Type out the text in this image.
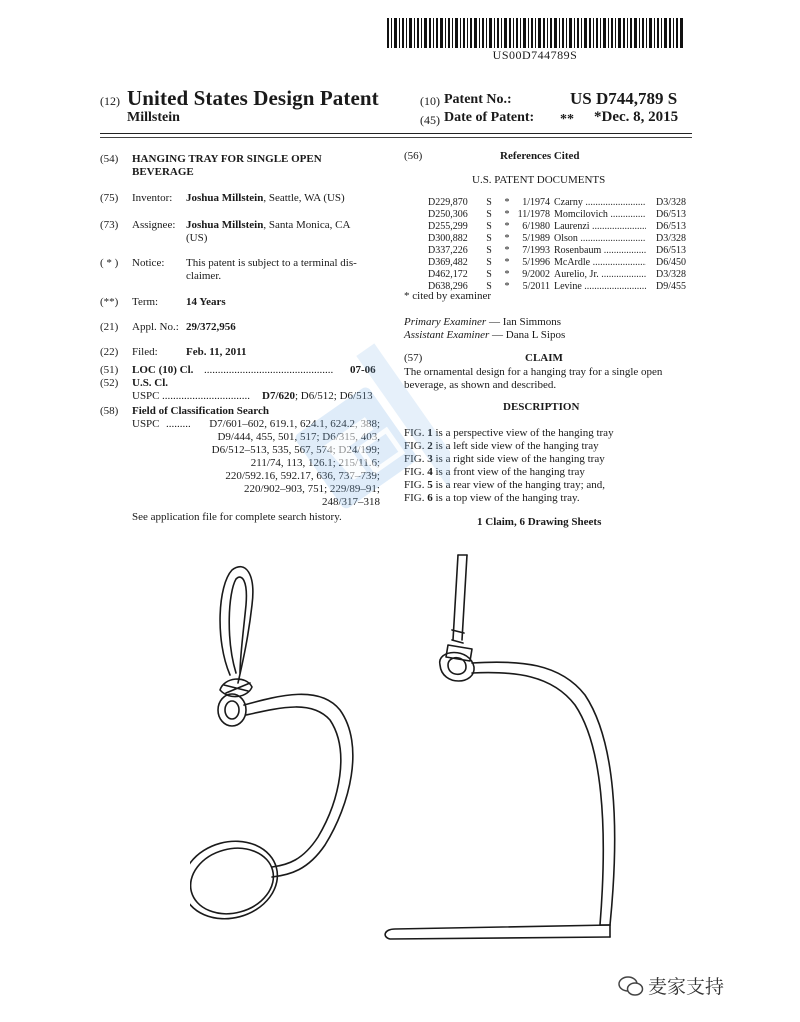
US00D744789S
(12) United States Design Patent
Millstein
(10) Patent No.:	US D744,789 S
(45) Date of Patent: ** *Dec. 8, 2015
(54)	HANGING TRAY FOR SINGLE OPEN
BEVERAGE
(75)	Inventor: Joshua Millstein, Seattle, WA (US)
(73)	Assignee: Joshua Millstein, Santa Monica, CA
(US)
( * )	Notice: This patent is subject to a terminal dis-
claimer.
(**)	Term:	14 Years
(21)	Appl. No.: 29/372,956
(22)	Filed:	Feb. 11, 2011
(51)	LOC (10) Cl. ...............................................	07-06
(52)	U.S. Cl.
USPC ................................	D7/620; D6/512; D6/513
(58)	Field of Classification Search
USPC .........	D7/601–602, 619.1, 624.1, 624.2, 388;
D9/444, 455, 501, 517; D6/315, 403,
D6/512–513, 535, 567, 574; D24/199;
211/74, 113, 126.1; 215/11.6;
220/592.16, 592.17, 636, 737–739;
220/902–903, 751; 229/89–91;
248/317–318
See application file for complete search history.
(56)	References Cited
U.S. PATENT DOCUMENTS
D229,870	S	*	1/1974 Czarny .....	D3/328
D250,306	S	* 11/1978 Momcilovich .....	D6/513
D255,299	S	*	6/1980 Laurenzi .....	D6/513
D300,882	S	*	5/1989 Olson .....	D3/328
D337,226	S	*	7/1993 Rosenbaum .....	D6/513
D369,482	S	*	5/1996 McArdle .....	D6/450
D462,172	S	*	9/2002 Aurelio, Jr. .....	D3/328
D638,296	S	*	5/2011 Levine .....	D9/455
* cited by examiner
Primary Examiner — Ian Simmons
Assistant Examiner — Dana L Sipos
(57)	CLAIM
The ornamental design for a hanging tray for a single open
beverage, as shown and described.
DESCRIPTION
FIG. 1 is a perspective view of the hanging tray
FIG. 2 is a left side view of the hanging tray
FIG. 3 is a right side view of the hanging tray
FIG. 4 is a front view of the hanging tray
FIG. 5 is a rear view of the hanging tray; and,
FIG. 6 is a top view of the hanging tray.
1 Claim, 6 Drawing Sheets
麦家支持
